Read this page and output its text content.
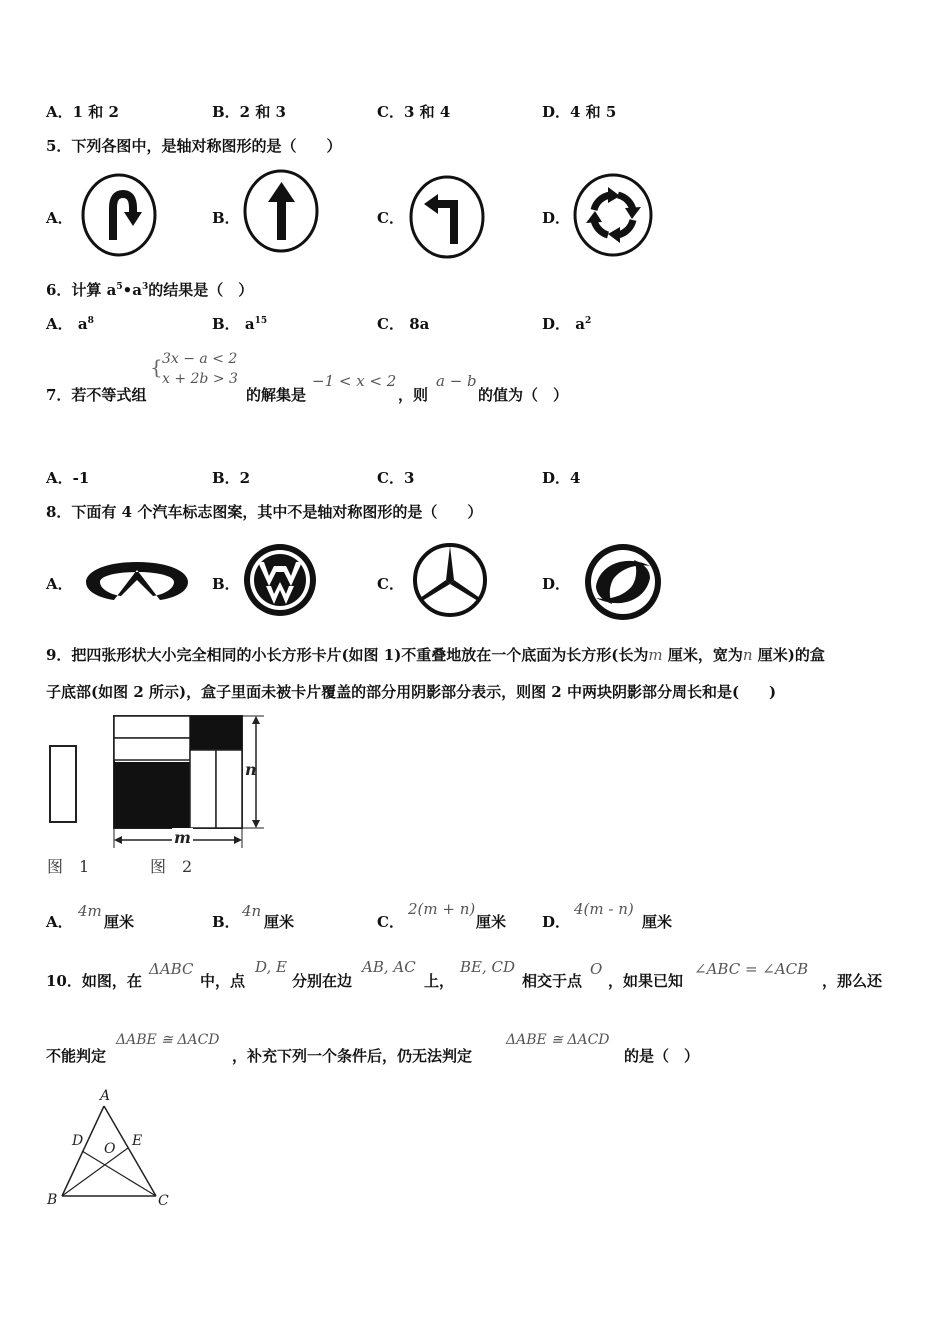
A．1 和 2	B．2 和 3	C．3 和 4	D．4 和 5
5．下列各图中，是轴对称图形的是（　　）
A．	B．	C．	D．
6．计算 $a^5•a^3$的结果是（　）
A． $a^8$	B． $a^{15}$	C． 8a	D． $a^2$
7．若不等式组
{ 3x − a < 2
x + 2b > 3
的解集是
−1 < x < 2
，则
a − b
的值为（　）
A．-1	B．2	C．3	D．4
8．下面有 4 个汽车标志图案，其中不是轴对称图形的是（　　）
A．	B．	C．	D．
9．把四张形状大小完全相同的小长方形卡片(如图 1)不重叠地放在一个底面为长方形(长为m 厘米，宽为n 厘米)的盒
子底部(如图 2 所示)，盒子里面未被卡片覆盖的部分用阴影部分表示，则图 2 中两块阴影部分周长和是(　　)
n
m
图　1	图　2
A．
4m
厘米	B．
4n
厘米	C．
2(m + n)
厘米 D．
4(m - n)
厘米
10．如图，在
ΔABC
中，点
D, E
分别在边
AB, AC
上，
BE, CD
相交于点
O
，如果已知
∠ABC = ∠ACB
，那么还
不能判定
ΔABE ≅ ΔACD
，补充下列一个条件后，仍无法判定
ΔABE ≅ ΔACD
的是（　）
A
D	E
O
B	C
